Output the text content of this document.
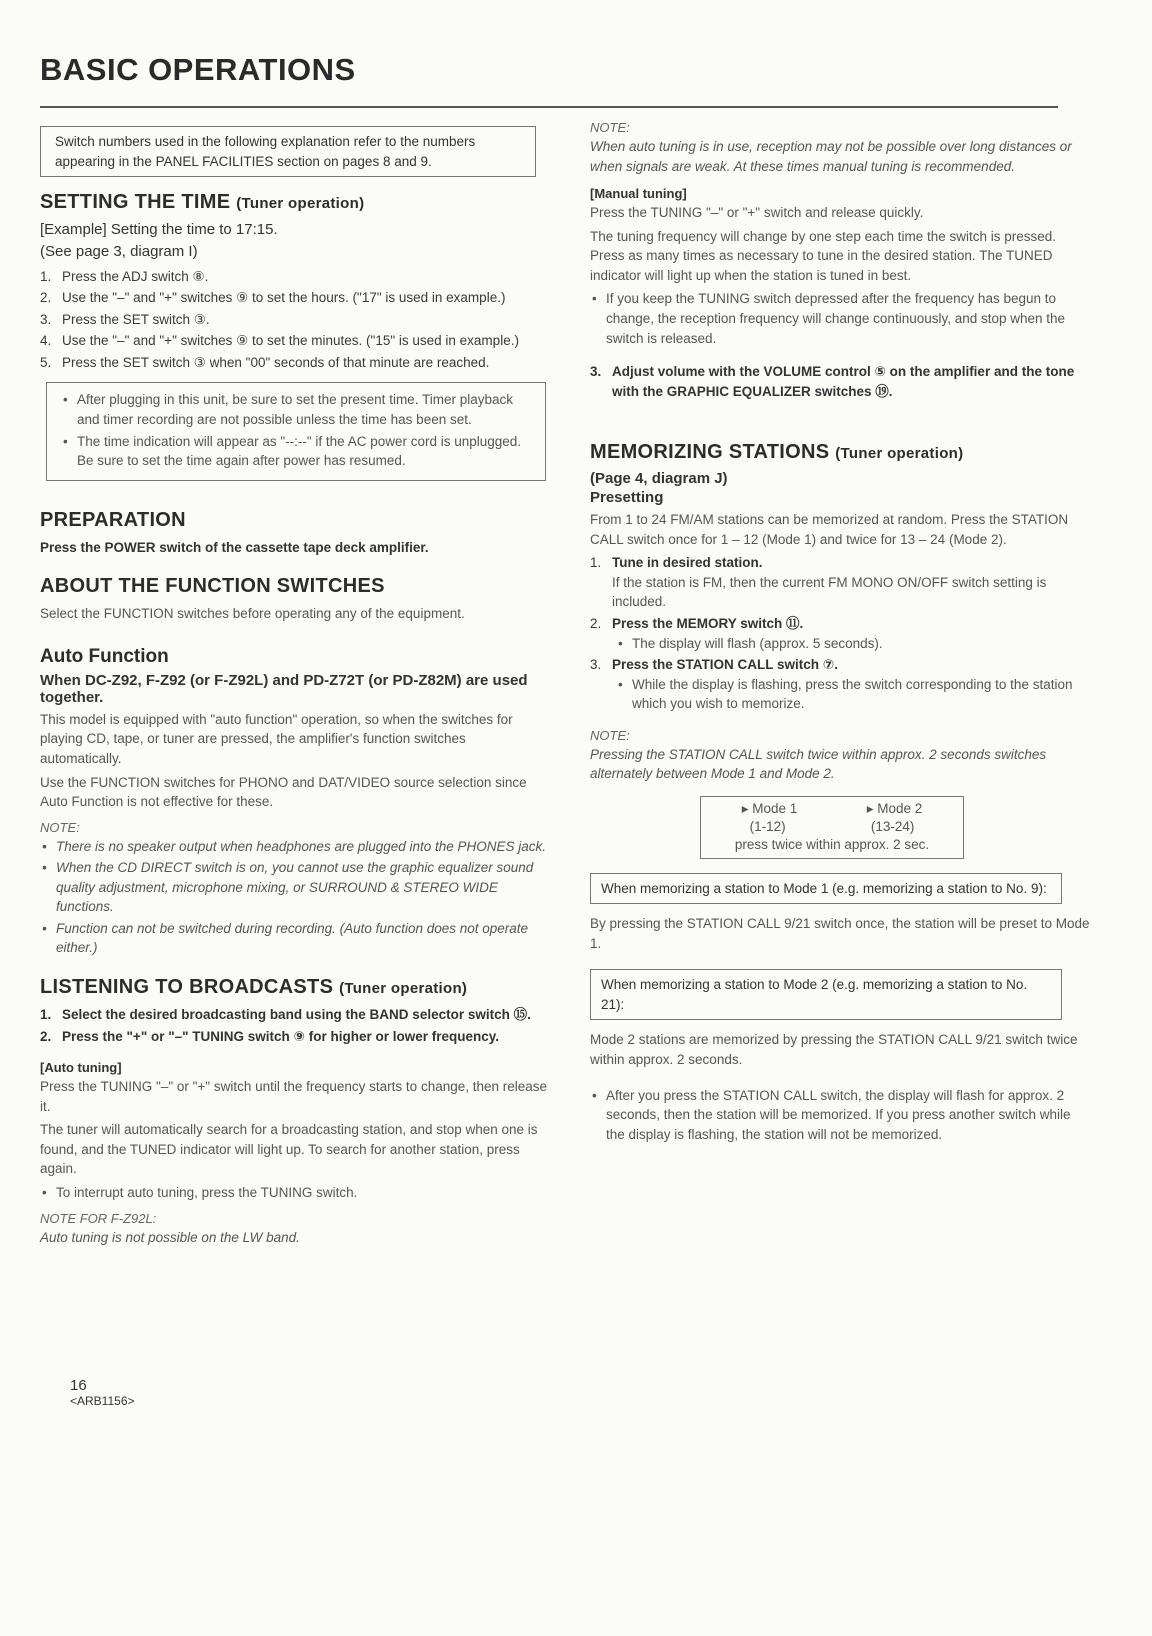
BASIC OPERATIONS
Switch numbers used in the following explanation refer to the numbers appearing in the PANEL FACILITIES section on pages 8 and 9.
SETTING THE TIME (Tuner operation)

[Example] Setting the time to 17:15.

(See page 3, diagram I)

1. Press the ADJ switch ⑧.
2. Use the "–" and "+" switches ⑨ to set the hours. ("17" is used in example.)
3. Press the SET switch ③.
4. Use the "–" and "+" switches ⑨ to set the minutes. ("15" is used in example.)
5. Press the SET switch ③ when "00" seconds of that minute are reached.
• After plugging in this unit, be sure to set the present time. Timer playback and timer recording are not possible unless the time has been set.
• The time indication will appear as "--:--" if the AC power cord is unplugged. Be sure to set the time again after power has resumed.
PREPARATION

Press the POWER switch of the cassette tape deck amplifier.

ABOUT THE FUNCTION SWITCHES

Select the FUNCTION switches before operating any of the equipment.

Auto Function
When DC-Z92, F-Z92 (or F-Z92L) and PD-Z72T (or PD-Z82M) are used together.

This model is equipped with "auto function" operation, so when the switches for playing CD, tape, or tuner are pressed, the amplifier's function switches automatically.

Use the FUNCTION switches for PHONO and DAT/VIDEO source selection since Auto Function is not effective for these.

NOTE:
• There is no speaker output when headphones are plugged into the PHONES jack.
• When the CD DIRECT switch is on, you cannot use the graphic equalizer sound quality adjustment, microphone mixing, or SURROUND & STEREO WIDE functions.
• Function can not be switched during recording. (Auto function does not operate either.)
LISTENING TO BROADCASTS (Tuner operation)
1. Select the desired broadcasting band using the BAND selector switch ⑮.
2. Press the "+" or "–" TUNING switch ⑨ for higher or lower frequency.
[Auto tuning]

Press the TUNING "–" or "+" switch until the frequency starts to change, then release it.

The tuner will automatically search for a broadcasting station, and stop when one is found, and the TUNED indicator will light up. To search for another station, press again.

• To interrupt auto tuning, press the TUNING switch.
NOTE FOR F-Z92L:

Auto tuning is not possible on the LW band.

NOTE:

When auto tuning is in use, reception may not be possible over long distances or when signals are weak. At these times manual tuning is recommended.

[Manual tuning]

Press the TUNING "–" or "+" switch and release quickly.

The tuning frequency will change by one step each time the switch is pressed. Press as many times as necessary to tune in the desired station. The TUNED indicator will light up when the station is tuned in best.

• If you keep the TUNING switch depressed after the frequency has begun to change, the reception frequency will change continuously, and stop when the switch is released.
3. Adjust volume with the VOLUME control ⑤ on the amplifier and the tone with the GRAPHIC EQUALIZER switches ⑲.
MEMORIZING STATIONS (Tuner operation)
(Page 4, diagram J)
Presetting

From 1 to 24 FM/AM stations can be memorized at random. Press the STATION CALL switch once for 1 – 12 (Mode 1) and twice for 13 – 24 (Mode 2).

1. Tune in desired station.
If the station is FM, then the current FM MONO ON/OFF switch setting is included.
2. Press the MEMORY switch ⑪.
• The display will flash (approx. 5 seconds).
3. Press the STATION CALL switch ⑦.
• While the display is flashing, press the switch corresponding to the station which you wish to memorize.
NOTE:

Pressing the STATION CALL switch twice within approx. 2 seconds switches alternately between Mode 1 and Mode 2.

▸ Mode 1	▸ Mode 2
(1-12)	(13-24)
press twice within approx. 2 sec.
When memorizing a station to Mode 1 (e.g. memorizing a station to No. 9):

By pressing the STATION CALL 9/21 switch once, the station will be preset to Mode 1.

When memorizing a station to Mode 2 (e.g. memorizing a station to No. 21):

Mode 2 stations are memorized by pressing the STATION CALL 9/21 switch twice within approx. 2 seconds.

• After you press the STATION CALL switch, the display will flash for approx. 2 seconds, then the station will be memorized. If you press another switch while the display is flashing, the station will not be memorized.
16
<ARB1156>
